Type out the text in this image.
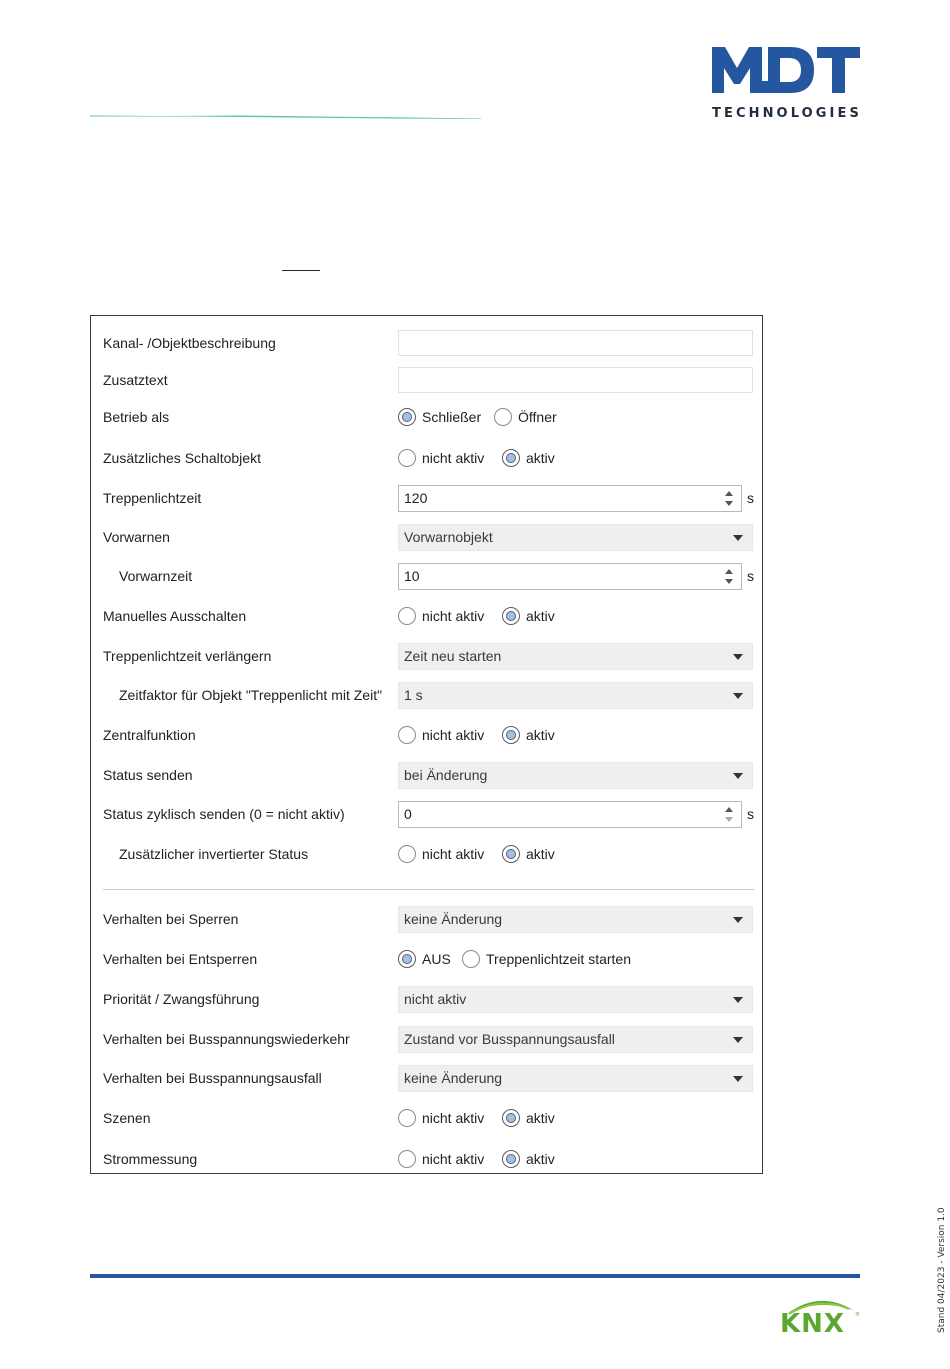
TECHNOLOGIES
Kanal- /Objektbeschreibung
Zusatztext
Betrieb als	Schließer	Öffner
Zusätzliches Schaltobjekt	nicht aktiv	aktiv
Treppenlichtzeit	120	s
Vorwarnen	Vorwarnobjekt
Vorwarnzeit	10	s
Manuelles Ausschalten	nicht aktiv	aktiv
Treppenlichtzeit verlängern	Zeit neu starten
Zeitfaktor für Objekt "Treppenlicht mit Zeit"	1 s
Zentralfunktion	nicht aktiv	aktiv
Status senden	bei Änderung
Status zyklisch senden (0 = nicht aktiv)	0	s
Zusätzlicher invertierter Status	nicht aktiv	aktiv
Verhalten bei Sperren	keine Änderung
Verhalten bei Entsperren	AUS	Treppenlichtzeit starten
Priorität / Zwangsführung	nicht aktiv
Verhalten bei Busspannungswiederkehr	Zustand vor Busspannungsausfall
Verhalten bei Busspannungsausfall	keine Änderung
Szenen	nicht aktiv	aktiv
Strommessung	nicht aktiv	aktiv
Stand 04/2023 - Version 1.0
KNX ®
